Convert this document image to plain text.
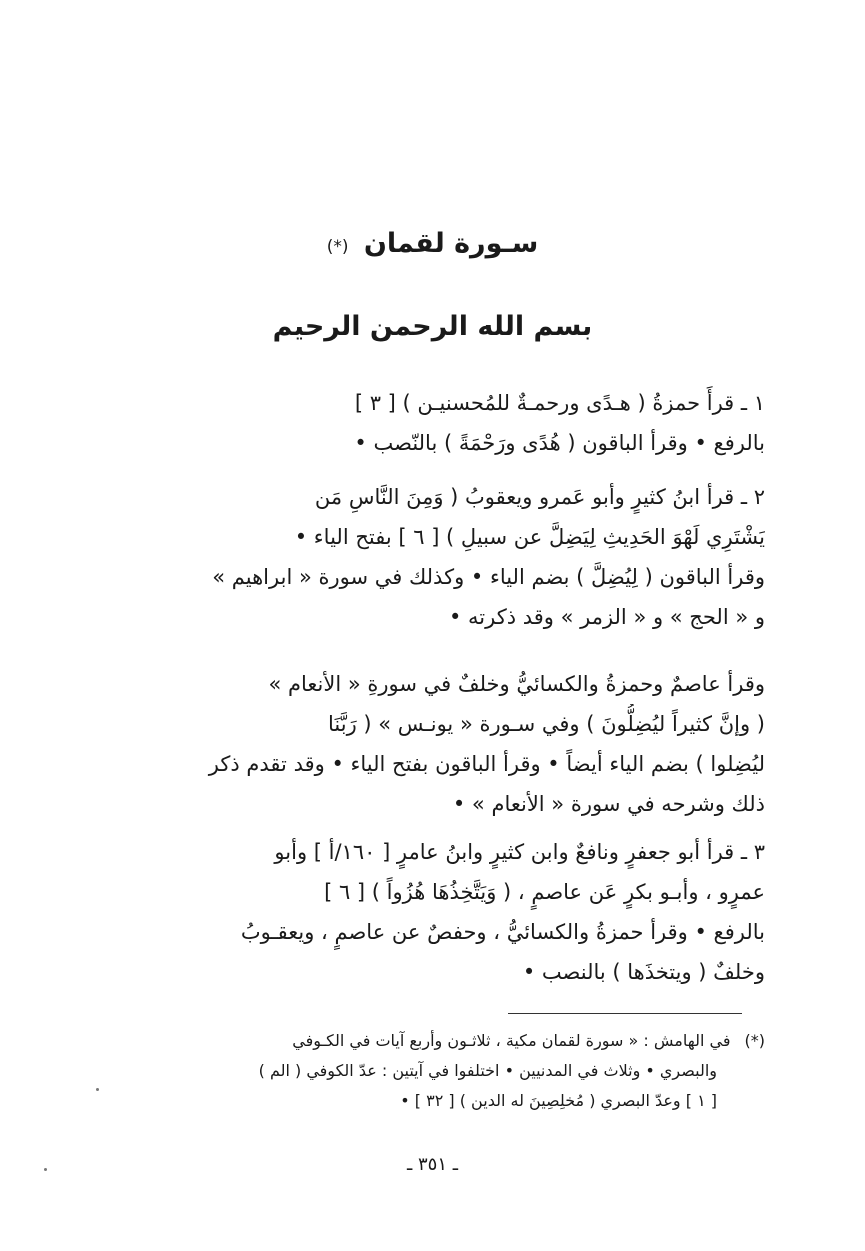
سـورة لقمان (*)
بسم الله الرحمن الرحيم
١ ـ قرأَ حمزةُ ( هـدًى ورحمـةٌ للمُحسنيـن ) [ ٣ ]
بالرفع • وقرأ الباقون ( هُدًى ورَحْمَةً ) بالنّصب •
٢ ـ قرأ ابنُ كثيرٍ وأبو عَمرو ويعقوبُ ( وَمِنَ النَّاسِ مَن
يَشْتَرِي لَهْوَ الحَدِيثِ لِيَضِلَّ عن سبيلِ ) [ ٦ ] بفتح الياء •
وقرأ الباقون ( لِيُضِلَّ ) بضم الياء • وكذلك في سورة « ابراهيم »
و « الحج » و « الزمر » وقد ذكرته •
وقرأ عاصمٌ وحمزةُ والكسائيُّ وخلفٌ في سورةِ « الأنعام »
( وإنَّ كثيراً ليُضِلُّونَ ) وفي سـورة « يونـس » ( رَبَّنَا
ليُضِلوا ) بضم الياء أيضاً • وقرأ الباقون بفتح الياء • وقد تقدم ذكر
ذلك وشرحه في سورة « الأنعام » •
٣ ـ قرأ أبو جعفرٍ ونافعٌ وابن كثيرٍ وابنُ عامرٍ [ ١٦٠/أ ] وأبو
عمرٍو ، وأبـو بكرٍ عَن عاصمٍ ، ( وَيَتَّخِذُهَا هُزُواً ) [ ٦ ]
بالرفع • وقرأ حمزةُ والكسائيُّ ، وحفصٌ عن عاصمٍ ، ويعقـوبُ
وخلفٌ ( ويتخذَها ) بالنصب •
(*)في الهامش : « سورة لقمان مكية ، ثلاثـون وأربع آيات في الكـوفي
والبصري • وثلاث في المدنيين • اختلفوا في آيتين : عدّ الكوفي ( الم )
[ ١ ] وعدّ البصري ( مُخلِصِينَ له الدين ) [ ٣٢ ] •
ـ ٣٥١ ـ
